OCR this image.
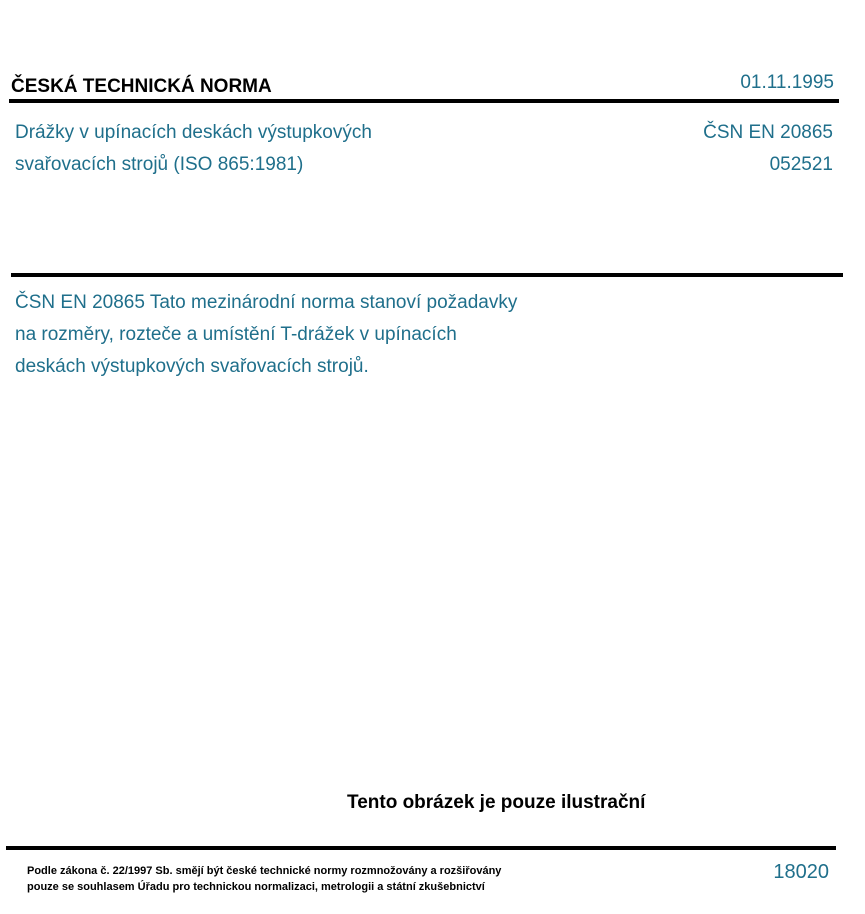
ČESKÁ TECHNICKÁ NORMA	01.11.1995
Drážky v upínacích deskách výstupkových
svařovacích strojů (ISO 865:1981)
ČSN EN 20865
052521
ČSN EN 20865 Tato mezinárodní norma stanoví požadavky
na rozměry, rozteče a umístění T-drážek v upínacích
deskách výstupkových svařovacích strojů.
Tento obrázek je pouze ilustrační
Podle zákona č. 22/1997 Sb. smějí být české technické normy rozmnožovány a rozšiřovány
pouze se souhlasem Úřadu pro technickou normalizaci, metrologii a státní zkušebnictví
18020
